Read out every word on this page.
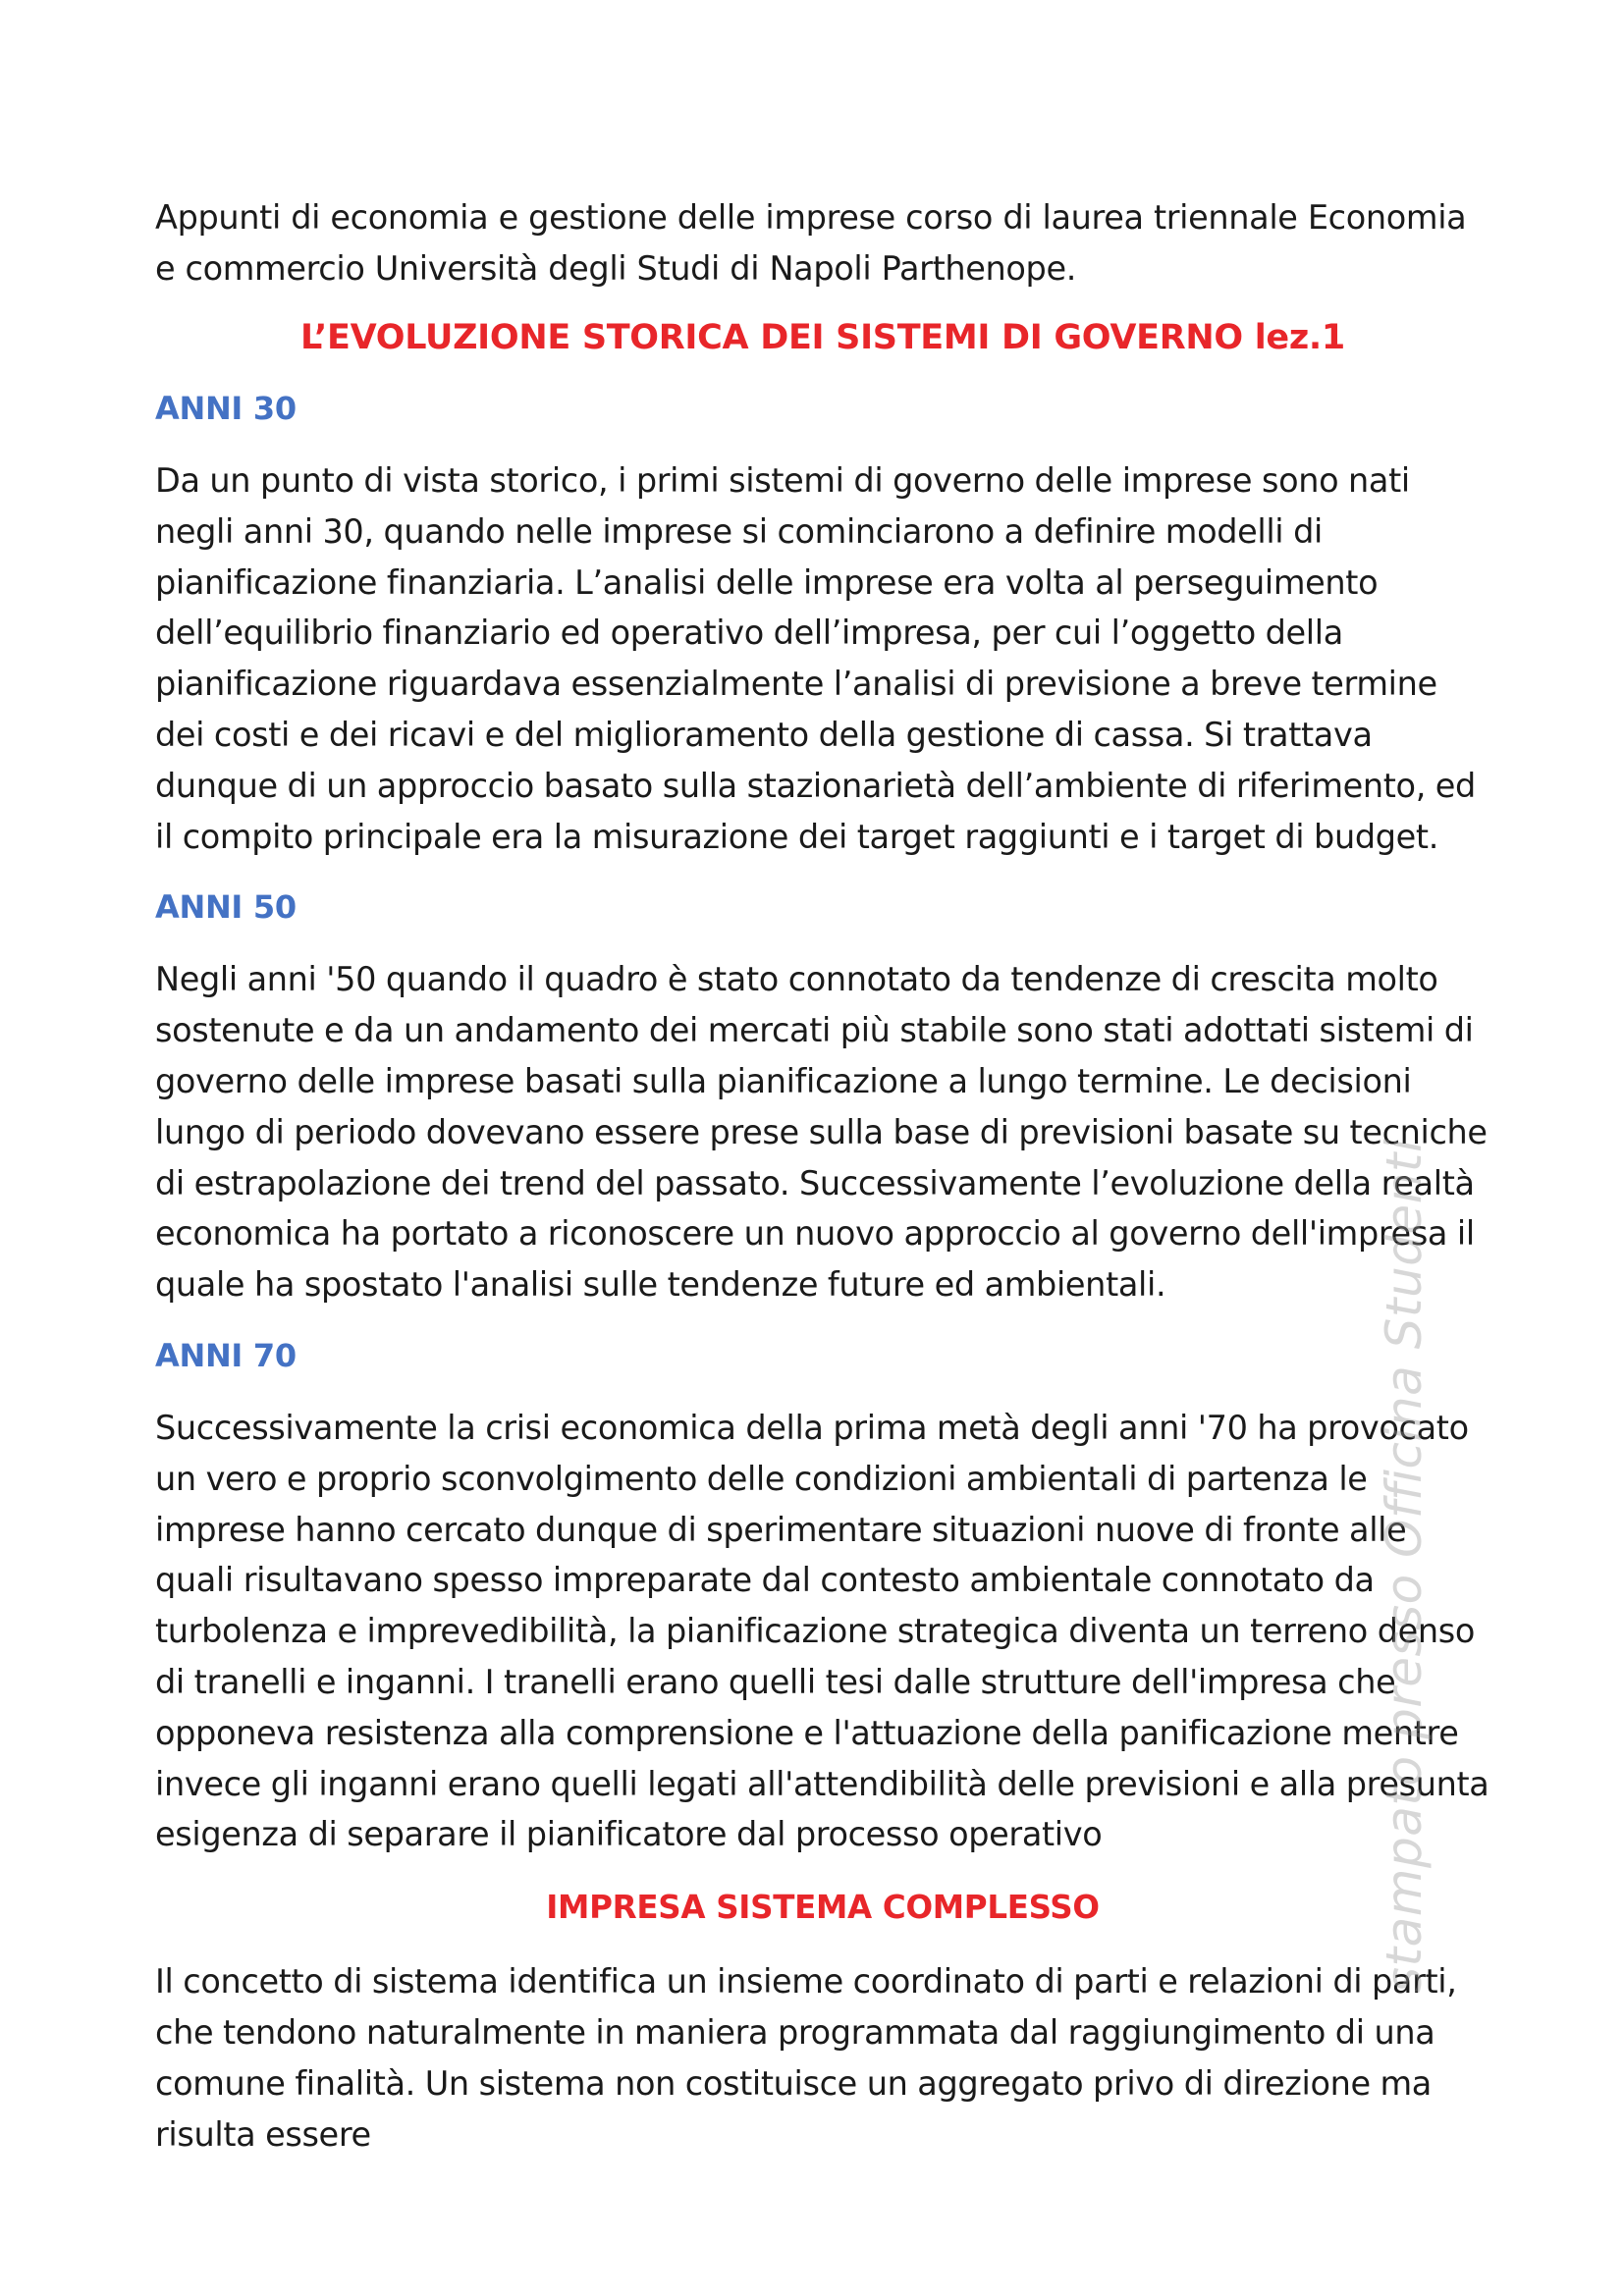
Appunti di economia e gestione delle imprese corso di laurea triennale Economia e commercio Università degli Studi di Napoli Parthenope.

L’EVOLUZIONE STORICA DEI SISTEMI DI GOVERNO lez.1
ANNI 30

Da un punto di vista storico, i primi sistemi di governo delle imprese sono nati negli anni 30, quando nelle imprese si cominciarono a definire modelli di pianificazione finanziaria. L’analisi delle imprese era volta al perseguimento dell’equilibrio finanziario ed operativo dell’impresa, per cui l’oggetto della pianificazione riguardava essenzialmente l’analisi di previsione a breve termine dei costi e dei ricavi e del miglioramento della gestione di cassa. Si trattava dunque di un approccio basato sulla stazionarietà dell’ambiente di riferimento, ed il compito principale era la misurazione dei target raggiunti e i target di budget.

ANNI 50

Negli anni '50 quando il quadro è stato connotato da tendenze di crescita molto sostenute e da un andamento dei mercati più stabile sono stati adottati sistemi di governo delle imprese basati sulla pianificazione a lungo termine. Le decisioni lungo di periodo dovevano essere prese sulla base di previsioni basate su tecniche di estrapolazione dei trend del passato. Successivamente l’evoluzione della realtà economica ha portato a riconoscere un nuovo approccio al governo dell'impresa il quale ha spostato l'analisi sulle tendenze future ed ambientali.

ANNI 70

Successivamente la crisi economica della prima metà degli anni '70 ha provocato un vero e proprio sconvolgimento delle condizioni ambientali di partenza le imprese hanno cercato dunque di sperimentare situazioni nuove di fronte alle quali risultavano spesso impreparate dal contesto ambientale connotato da turbolenza e imprevedibilità, la pianificazione strategica diventa un terreno denso di tranelli e inganni. I tranelli erano quelli tesi dalle strutture dell'impresa che opponeva resistenza alla comprensione e l'attuazione della panificazione mentre invece gli inganni erano quelli legati all'attendibilità delle previsioni e alla presunta esigenza di separare il pianificatore dal processo operativo

IMPRESA SISTEMA COMPLESSO

Il concetto di sistema identifica un insieme coordinato di parti e relazioni di parti, che tendono naturalmente in maniera programmata dal raggiungimento di una comune finalità. Un sistema non costituisce un aggregato privo di direzione ma risulta essere

stampato presso Officina Studenti
